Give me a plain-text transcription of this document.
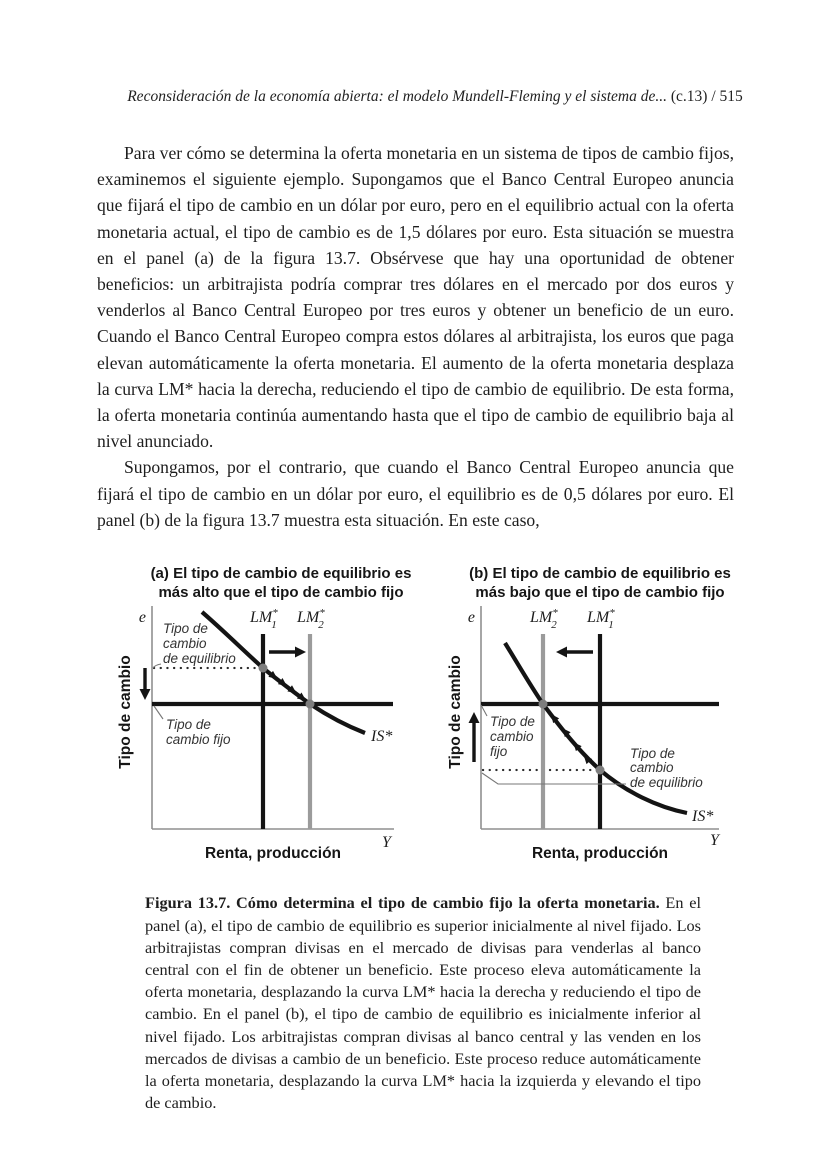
Reconsideración de la economía abierta: el modelo Mundell-Fleming y el sistema de... (c.13) / 515

Para ver cómo se determina la oferta monetaria en un sistema de tipos de cambio fijos, examinemos el siguiente ejemplo. Supongamos que el Banco Central Europeo anuncia que fijará el tipo de cambio en un dólar por euro, pero en el equilibrio actual con la oferta monetaria actual, el tipo de cambio es de 1,5 dólares por euro. Esta situación se muestra en el panel (a) de la figura 13.7. Obsérvese que hay una oportunidad de obtener beneficios: un arbitrajista podría comprar tres dólares en el mercado por dos euros y venderlos al Banco Central Europeo por tres euros y obtener un beneficio de un euro. Cuando el Banco Central Europeo compra estos dólares al arbitrajista, los euros que paga elevan automáticamente la oferta monetaria. El aumento de la oferta monetaria desplaza la curva LM* hacia la derecha, reduciendo el tipo de cambio de equilibrio. De esta forma, la oferta monetaria continúa aumentando hasta que el tipo de cambio de equilibrio baja al nivel anunciado.

Supongamos, por el contrario, que cuando el Banco Central Europeo anuncia que fijará el tipo de cambio en un dólar por euro, el equilibrio es de 0,5 dólares por euro. El panel (b) de la figura 13.7 muestra esta situación. En este caso,

(a) El tipo de cambio de equilibrio es
más alto que el tipo de cambio fijo
(b) El tipo de cambio de equilibrio es
más bajo que el tipo de cambio fijo
Tipo de cambio	Tipo de cambio
e
Y
LM* 1 LM* 2
IS*
Tipo de
cambio
de equilibrio
Tipo de
cambio fijo
Renta, producción
e
Y
LM* 2 LM* 1
IS*
Tipo de
cambio
fijo	Tipo de
cambio
de equilibrio
Renta, producción

Figura 13.7. Cómo determina el tipo de cambio fijo la oferta monetaria. En el panel (a), el tipo de cambio de equilibrio es superior inicialmente al nivel fijado. Los arbitrajistas compran divisas en el mercado de divisas para venderlas al banco central con el fin de obtener un beneficio. Este proceso eleva automáticamente la oferta monetaria, desplazando la curva LM* hacia la derecha y reduciendo el tipo de cambio. En el panel (b), el tipo de cambio de equilibrio es inicialmente inferior al nivel fijado. Los arbitrajistas compran divisas al banco central y las venden en los mercados de divisas a cambio de un beneficio. Este proceso reduce automáticamente la oferta monetaria, desplazando la curva LM* hacia la izquierda y elevando el tipo de cambio.
